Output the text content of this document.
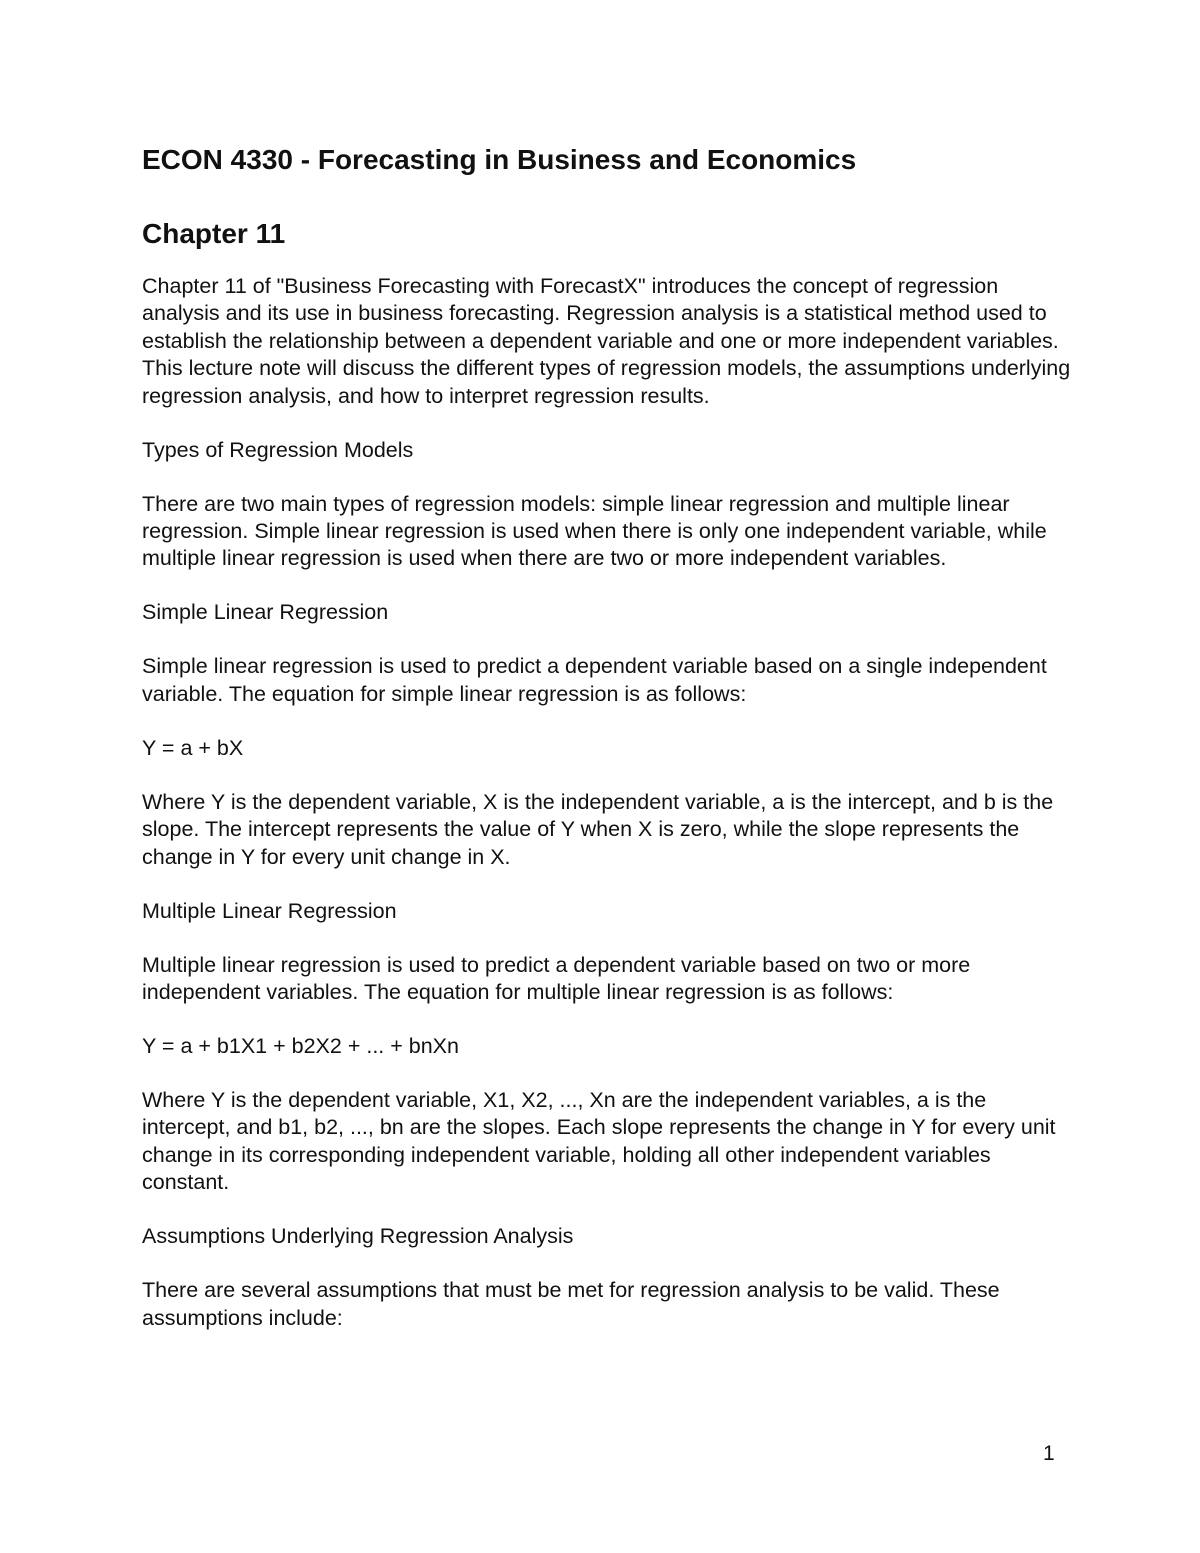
ECON 4330 - Forecasting in Business and Economics
Chapter 11

Chapter 11 of "Business Forecasting with ForecastX" introduces the concept of regression analysis and its use in business forecasting. Regression analysis is a statistical method used to establish the relationship between a dependent variable and one or more independent variables. This lecture note will discuss the different types of regression models, the assumptions underlying regression analysis, and how to interpret regression results.

Types of Regression Models

There are two main types of regression models: simple linear regression and multiple linear regression. Simple linear regression is used when there is only one independent variable, while multiple linear regression is used when there are two or more independent variables.

Simple Linear Regression

Simple linear regression is used to predict a dependent variable based on a single independent variable. The equation for simple linear regression is as follows:

Y = a + bX

Where Y is the dependent variable, X is the independent variable, a is the intercept, and b is the slope. The intercept represents the value of Y when X is zero, while the slope represents the change in Y for every unit change in X.

Multiple Linear Regression

Multiple linear regression is used to predict a dependent variable based on two or more independent variables. The equation for multiple linear regression is as follows:

Y = a + b1X1 + b2X2 + ... + bnXn

Where Y is the dependent variable, X1, X2, ..., Xn are the independent variables, a is the intercept, and b1, b2, ..., bn are the slopes. Each slope represents the change in Y for every unit change in its corresponding independent variable, holding all other independent variables constant.

Assumptions Underlying Regression Analysis

There are several assumptions that must be met for regression analysis to be valid. These assumptions include:

1
